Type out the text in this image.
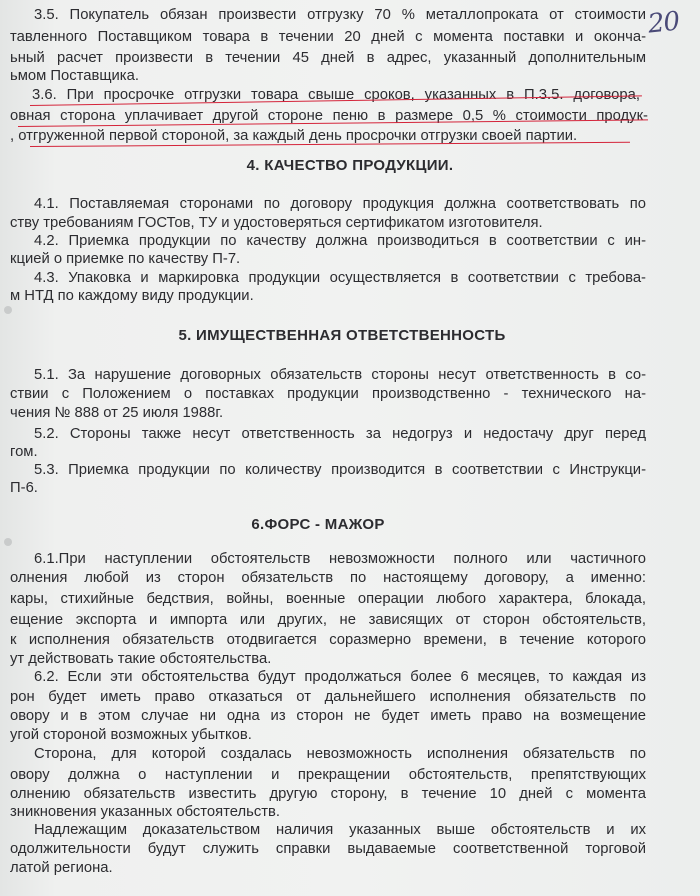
20
3.5. Покупатель обязан произвести отгрузку 70 % металлопроката от стоимости
тавленного Поставщиком товара в течении 20 дней с момента поставки и оконча-
ьный расчет произвести в течении 45 дней в адрес, указанный дополнительным
ьмом Поставщика.
3.6. При просрочке отгрузки товара свыше сроков, указанных в П.3.5. договора,
овная сторона уплачивает другой стороне пеню в размере 0,5 % стоимости продук-
, отгруженной первой стороной, за каждый день просрочки отгрузки своей партии.
4. КАЧЕСТВО ПРОДУКЦИИ.
4.1. Поставляемая сторонами по договору продукция должна соответствовать по
ству требованиям ГОСТов, ТУ и удостоверяться сертификатом изготовителя.
4.2. Приемка продукции по качеству должна производиться в соответствии с ин-
кцией о приемке по качеству П-7.
4.3. Упаковка и маркировка продукции осуществляется в соответствии с требова-
м НТД по каждому виду продукции.
5. ИМУЩЕСТВЕННАЯ ОТВЕТСТВЕННОСТЬ
5.1. За нарушение договорных обязательств стороны несут ответственность в со-
ствии с Положением о поставках продукции производственно - технического на-
чения № 888 от 25 июля 1988г.
5.2. Стороны также несут ответственность за недогруз и недостачу друг перед
гом.
5.3. Приемка продукции по количеству производится в соответствии с Инструкци-
П-6.
6.ФОРС - МАЖОР
6.1.При наступлении обстоятельств невозможности полного или частичного
олнения любой из сторон обязательств по настоящему договору, а именно:
кары, стихийные бедствия, войны, военные операции любого характера, блокада,
ещение экспорта и импорта или других, не зависящих от сторон обстоятельств,
к исполнения обязательств отодвигается соразмерно времени, в течение которого
ут действовать такие обстоятельства.
6.2. Если эти обстоятельства будут продолжаться более 6 месяцев, то каждая из
рон будет иметь право отказаться от дальнейшего исполнения обязательств по
овору и в этом случае ни одна из сторон не будет иметь право на возмещение
угой стороной возможных убытков.
Сторона, для которой создалась невозможность исполнения обязательств по
овору должна о наступлении и прекращении обстоятельств, препятствующих
олнению обязательств известить другую сторону, в течение 10 дней с момента
зникновения указанных обстоятельств.
Надлежащим доказательством наличия указанных выше обстоятельств и их
одолжительности будут служить справки выдаваемые соответственной торговой
латой региона.
